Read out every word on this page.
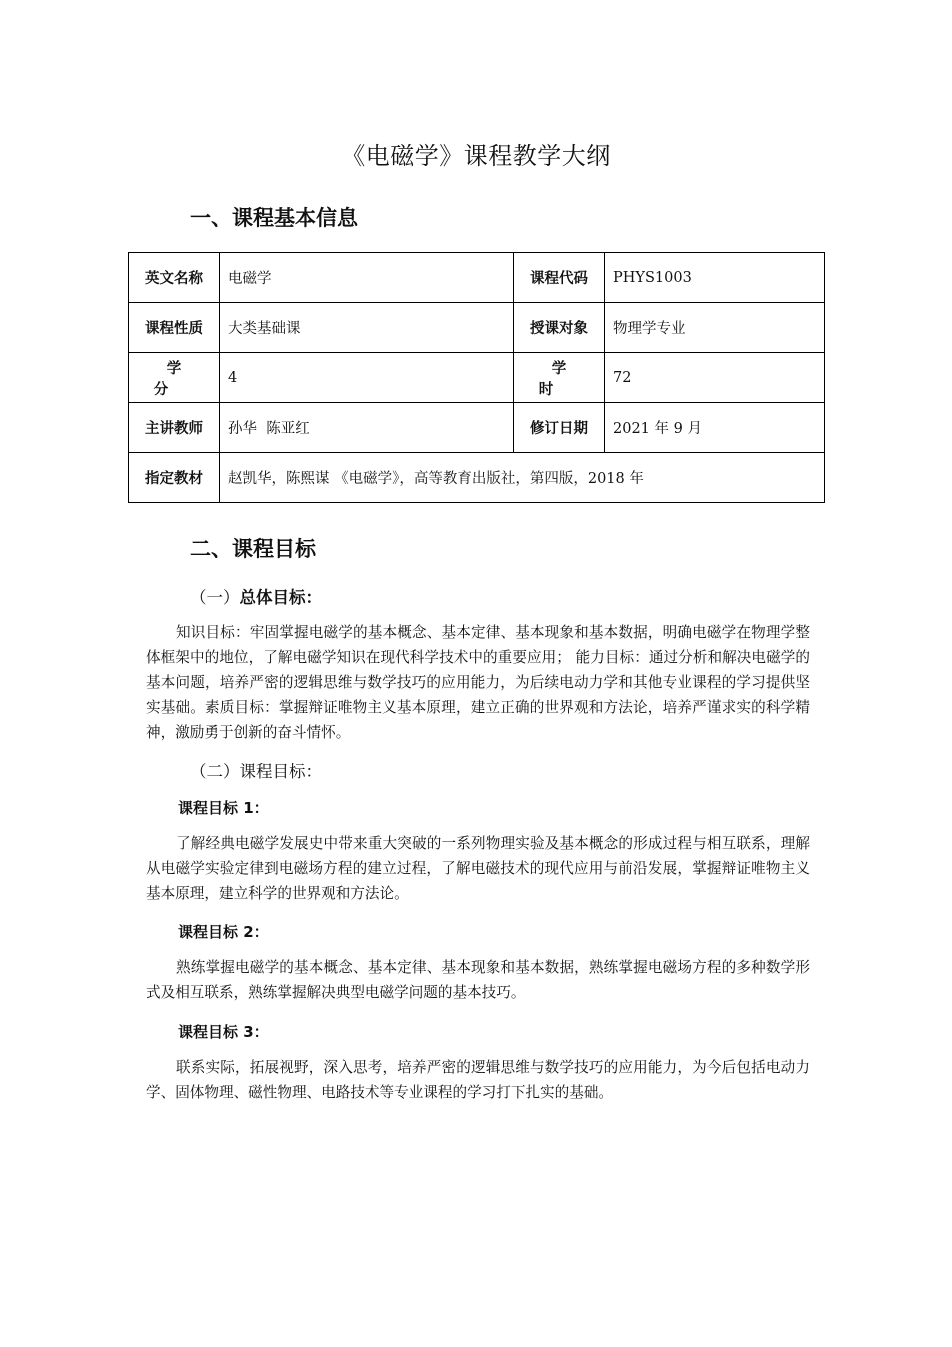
《电磁学》课程教学大纲
一、课程基本信息
英文名称	电磁学	课程代码	PHYS1003
课程性质	大类基础课	授课对象	物理学专业
学分	4	学时	72
主讲教师	孙华  陈亚红	修订日期	2021 年 9 月
指定教材	赵凯华，陈熙谋 《电磁学》，高等教育出版社，第四版，2018 年		
二、课程目标
（一）总体目标：

知识目标：牢固掌握电磁学的基本概念、基本定律、基本现象和基本数据，明确电磁学在物理学整体框架中的地位，了解电磁学知识在现代科学技术中的重要应用； 能力目标：通过分析和解决电磁学的基本问题，培养严密的逻辑思维与数学技巧的应用能力，为后续电动力学和其他专业课程的学习提供坚实基础。素质目标：掌握辩证唯物主义基本原理，建立正确的世界观和方法论，培养严谨求实的科学精神，激励勇于创新的奋斗情怀。

（二）课程目标：
课程目标 1：

了解经典电磁学发展史中带来重大突破的一系列物理实验及基本概念的形成过程与相互联系，理解从电磁学实验定律到电磁场方程的建立过程，了解电磁技术的现代应用与前沿发展，掌握辩证唯物主义基本原理，建立科学的世界观和方法论。

课程目标 2：

熟练掌握电磁学的基本概念、基本定律、基本现象和基本数据，熟练掌握电磁场方程的多种数学形式及相互联系，熟练掌握解决典型电磁学问题的基本技巧。

课程目标 3：

联系实际，拓展视野，深入思考，培养严密的逻辑思维与数学技巧的应用能力，为今后包括电动力学、固体物理、磁性物理、电路技术等专业课程的学习打下扎实的基础。
